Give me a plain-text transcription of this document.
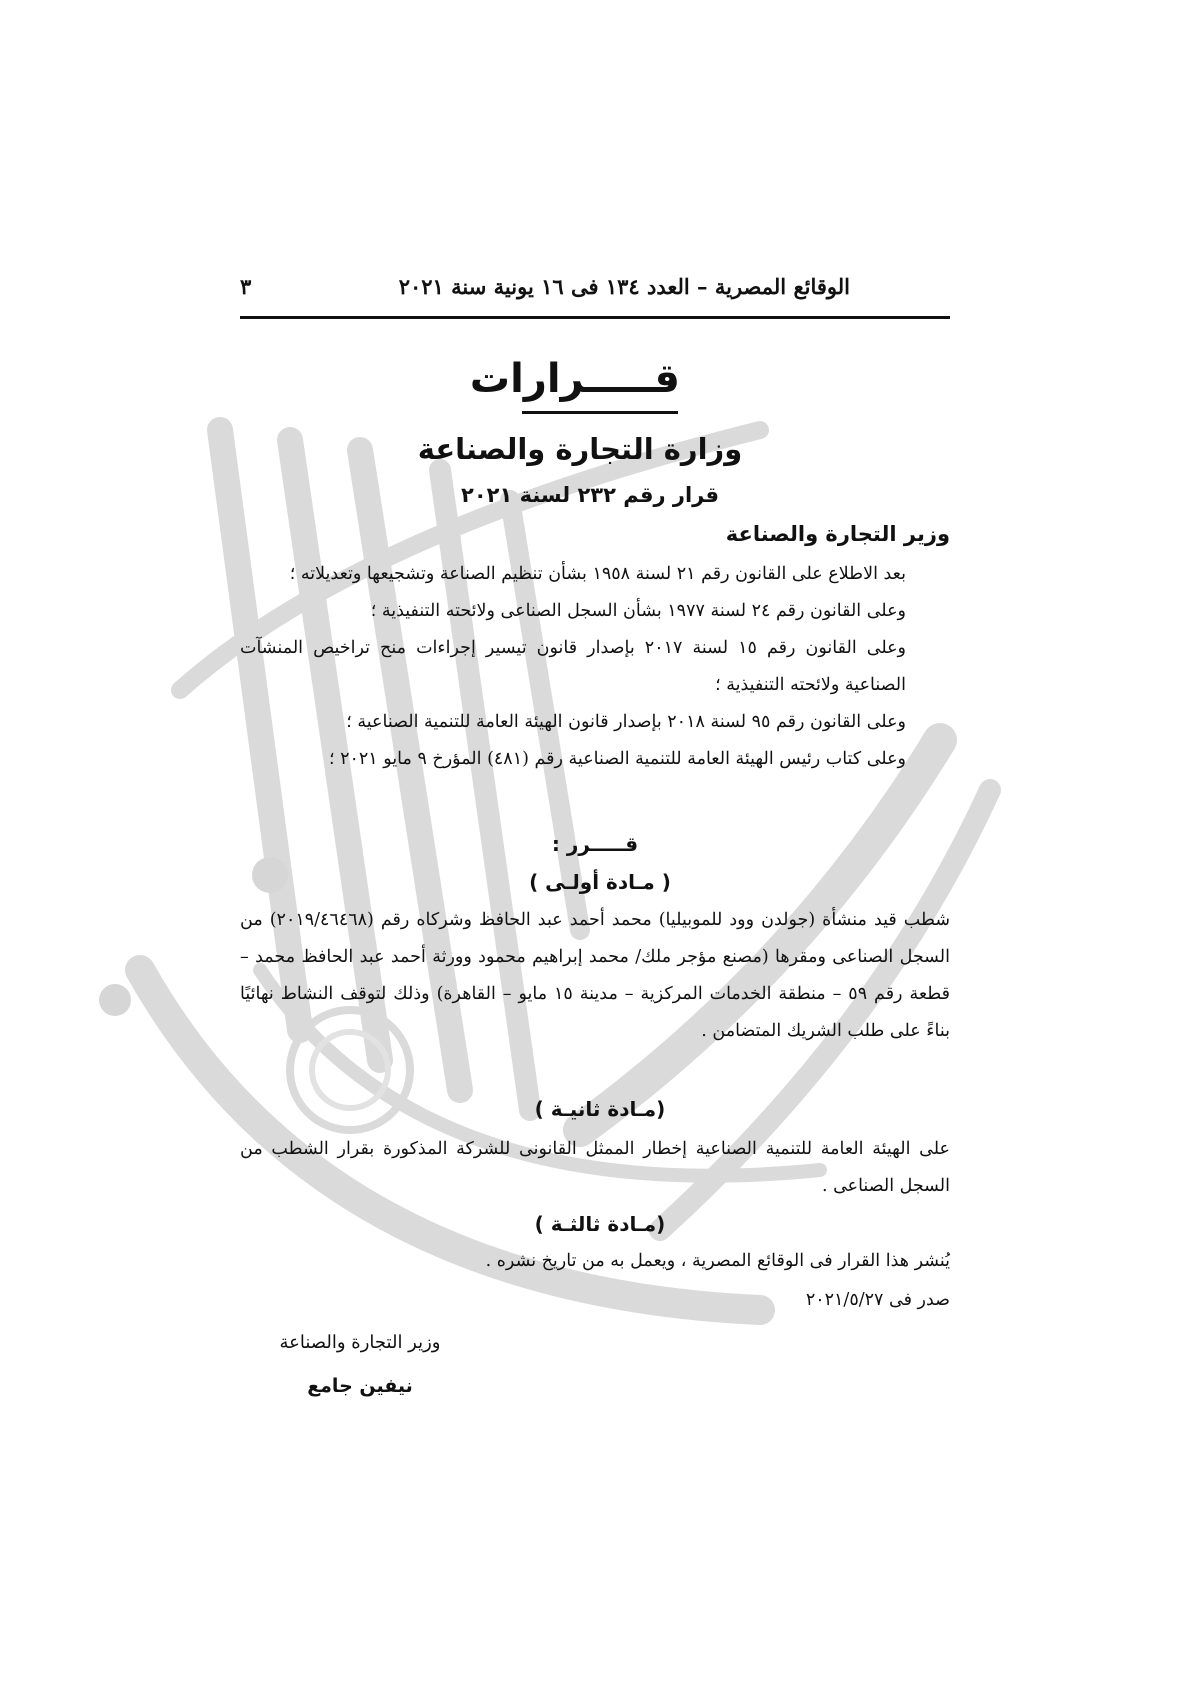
الوقائع المصرية – العدد ١٣٤ فى ١٦ يونية سنة ٢٠٢١
٣
قـــــرارات
وزارة التجارة والصناعة
قرار رقم ٢٣٢ لسنة ٢٠٢١
وزير التجارة والصناعة
بعد الاطلاع على القانون رقم ٢١ لسنة ١٩٥٨ بشأن تنظيم الصناعة وتشجيعها وتعديلاته ؛
وعلى القانون رقم ٢٤ لسنة ١٩٧٧ بشأن السجل الصناعى ولائحته التنفيذية ؛
وعلى القانون رقم ١٥ لسنة ٢٠١٧ بإصدار قانون تيسير إجراءات منح تراخيص المنشآت الصناعية ولائحته التنفيذية ؛
وعلى القانون رقم ٩٥ لسنة ٢٠١٨ بإصدار قانون الهيئة العامة للتنمية الصناعية ؛
وعلى كتاب رئيس الهيئة العامة للتنمية الصناعية رقم (٤٨١) المؤرخ ٩ مايو ٢٠٢١ ؛
قـــــرر :
( مـادة أولـى )
شطب قيد منشأة (جولدن وود للموبيليا) محمد أحمد عبد الحافظ وشركاه رقم (٢٠١٩/٤٦٤٦٨) من السجل الصناعى ومقرها (مصنع مؤجر ملك/ محمد إبراهيم محمود وورثة أحمد عبد الحافظ محمد – قطعة رقم ٥٩ – منطقة الخدمات المركزية – مدينة ١٥ مايو – القاهرة) وذلك لتوقف النشاط نهائيًا بناءً على طلب الشريك المتضامن .
(مـادة ثانيـة )
على الهيئة العامة للتنمية الصناعية إخطار الممثل القانونى للشركة المذكورة بقرار الشطب من السجل الصناعى .
(مـادة ثالثـة )
يُنشر هذا القرار فى الوقائع المصرية ، ويعمل به من تاريخ نشره .
صدر فى ٢٠٢١/٥/٢٧
وزير التجارة والصناعة
نيفين جامع
